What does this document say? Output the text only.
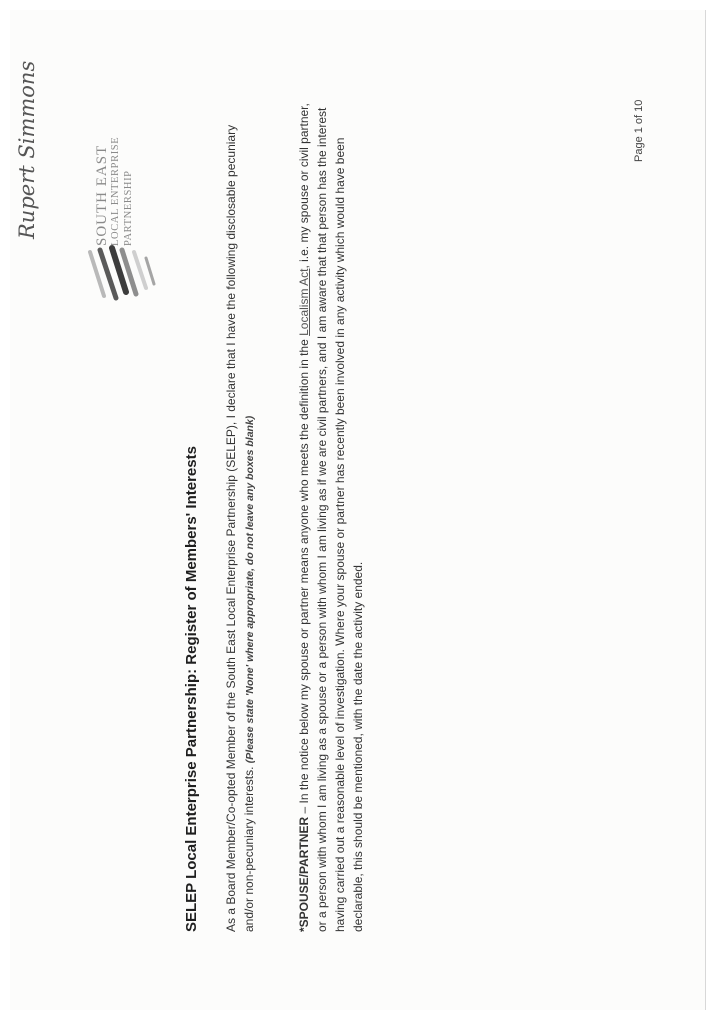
Rupert Simmons	SOUTH EAST LOCAL ENTERPRISE PARTNERSHIP
SELEP Local Enterprise Partnership: Register of Members' Interests As a Board Member/Co-opted Member of the South East Local Enterprise Partnership (SELEP), I declare that I have the following disclosable pecuniary and/or non-pecuniary interests. (Please state 'None' where appropriate, do not leave any boxes blank)
*SPOUSE/PARTNER – In the notice below my spouse or partner means anyone who meets the definition in the Localism Act, i.e. my spouse or civil partner, or a person with whom I am living as a spouse or a person with whom I am living as if we are civil partners, and I am aware that that person has the interest having carried out a reasonable level of investigation. Where your spouse or partner has recently been involved in any activity which would have been declarable, this should be mentioned, with the date the activity ended.
Page 1 of 10
